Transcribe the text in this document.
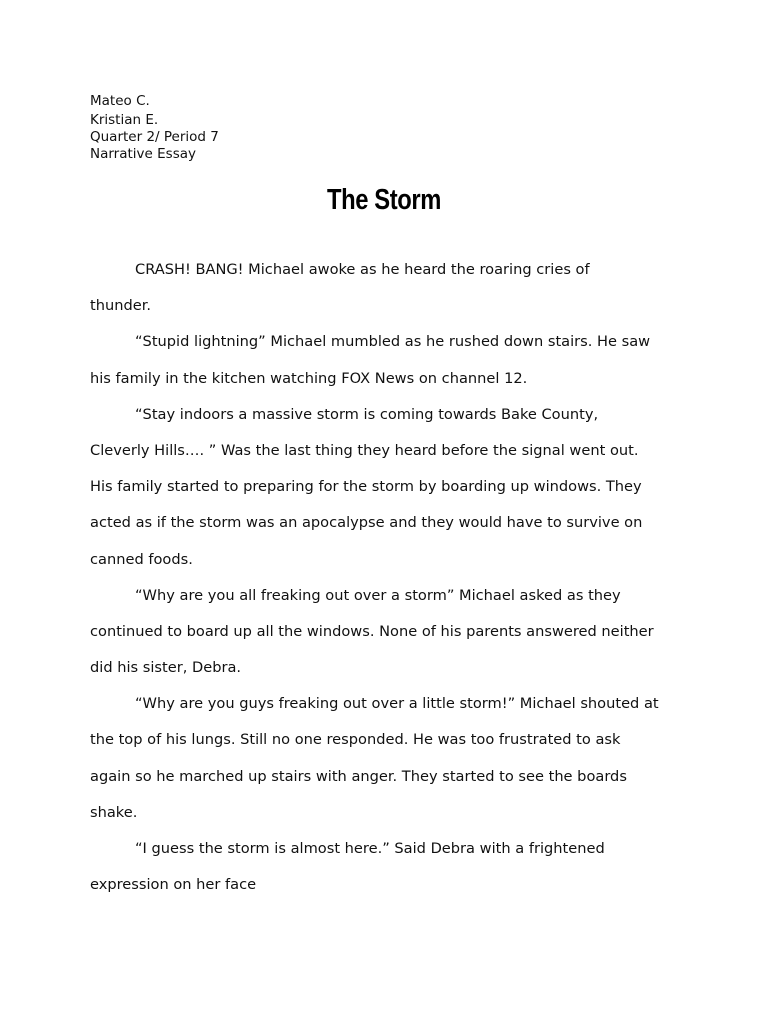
Mateo C.
Kristian E.
Quarter 2/ Period 7
Narrative Essay
The Storm
CRASH! BANG! Michael awoke as he heard the roaring cries of
thunder.
“Stupid lightning” Michael mumbled as he rushed down stairs. He saw
his family in the kitchen watching FOX News on channel 12.
“Stay indoors a massive storm is coming towards Bake County,
Cleverly Hills…. ” Was the last thing they heard before the signal went out.
His family started to preparing for the storm by boarding up windows. They
acted as if the storm was an apocalypse and they would have to survive on
canned foods.
“Why are you all freaking out over a storm” Michael asked as they
continued to board up all the windows. None of his parents answered neither
did his sister, Debra.
“Why are you guys freaking out over a little storm!” Michael shouted at
the top of his lungs. Still no one responded. He was too frustrated to ask
again so he marched up stairs with anger. They started to see the boards
shake.
“I guess the storm is almost here.” Said Debra with a frightened
expression on her face
